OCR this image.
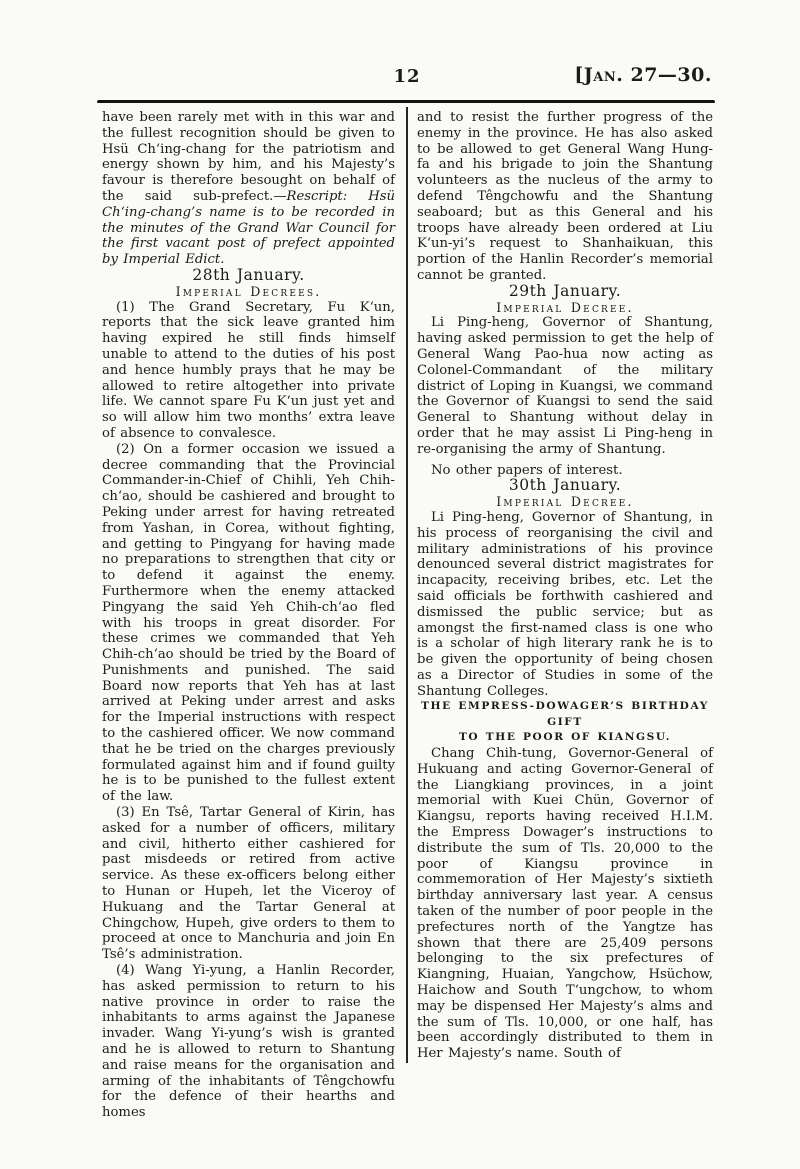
12	[Jan. 27—30.

have been rarely met with in this war and the fullest recognition should be given to Hsü Ch‘ing-chang for the patriotism and energy shown by him, and his Majesty’s favour is therefore besought on behalf of the said sub-prefect.—Rescript: Hsü Ch‘ing-chang’s name is to be recorded in the minutes of the Grand War Council for the first vacant post of prefect appointed by Imperial Edict.

28th January.

Imperial Decrees.

(1) The Grand Secretary, Fu K‘un, reports that the sick leave granted him having expired he still finds himself unable to attend to the duties of his post and hence humbly prays that he may be allowed to retire altogether into private life. We cannot spare Fu K‘un just yet and so will allow him two months’ extra leave of absence to convalesce.

(2) On a former occasion we issued a decree commanding that the Provincial Commander-in-Chief of Chihli, Yeh Chih-ch‘ao, should be cashiered and brought to Peking under arrest for having retreated from Yashan, in Corea, without fighting, and getting to Pingyang for having made no preparations to strengthen that city or to defend it against the enemy. Furthermore when the enemy attacked Pingyang the said Yeh Chih-ch‘ao fled with his troops in great disorder. For these crimes we commanded that Yeh Chih-ch‘ao should be tried by the Board of Punishments and punished. The said Board now reports that Yeh has at last arrived at Peking under arrest and asks for the Imperial instructions with respect to the cashiered officer. We now command that he be tried on the charges previously formulated against him and if found guilty he is to be punished to the fullest extent of the law.

(3) En Tsê, Tartar General of Kirin, has asked for a number of officers, military and civil, hitherto either cashiered for past misdeeds or retired from active service. As these ex-officers belong either to Hunan or Hupeh, let the Viceroy of Hukuang and the Tartar General at Chingchow, Hupeh, give orders to them to proceed at once to Manchuria and join En Tsê’s administration.

(4) Wang Yi-yung, a Hanlin Recorder, has asked permission to return to his native province in order to raise the inhabitants to arms against the Japanese invader. Wang Yi-yung’s wish is granted and he is allowed to return to Shantung and raise means for the organisation and arming of the inhabitants of Têngchowfu for the defence of their hearths and homes

and to resist the further progress of the enemy in the province. He has also asked to be allowed to get General Wang Hung-fa and his brigade to join the Shantung volunteers as the nucleus of the army to defend Têngchowfu and the Shantung seaboard; but as this General and his troops have already been ordered at Liu K‘un-yi’s request to Shanhaikuan, this portion of the Hanlin Recorder’s memorial cannot be granted.

29th January.

Imperial Decree.

Li Ping-heng, Governor of Shantung, having asked permission to get the help of General Wang Pao-hua now acting as Colonel-Commandant of the military district of Loping in Kuangsi, we command the Governor of Kuangsi to send the said General to Shantung without delay in order that he may assist Li Ping-heng in re-organising the army of Shantung.

No other papers of interest.

30th January.

Imperial Decree.

Li Ping-heng, Governor of Shantung, in his process of reorganising the civil and military administrations of his province denounced several district magistrates for incapacity, receiving bribes, etc. Let the said officials be forthwith cashiered and dismissed the public service; but as amongst the first-named class is one who is a scholar of high literary rank he is to be given the opportunity of being chosen as a Director of Studies in some of the Shantung Colleges.

THE EMPRESS-DOWAGER’S BIRTHDAY GIFT
TO THE POOR OF KIANGSU.

Chang Chih-tung, Governor-General of Hukuang and acting Governor-General of the Liangkiang provinces, in a joint memorial with Kuei Chün, Governor of Kiangsu, reports having received H.I.M. the Empress Dowager’s instructions to distribute the sum of Tls. 20,000 to the poor of Kiangsu province in commemoration of Her Majesty’s sixtieth birthday anniversary last year. A census taken of the number of poor people in the prefectures north of the Yangtze has shown that there are 25,409 persons belonging to the six prefectures of Kiangning, Huaian, Yangchow, Hsüchow, Haichow and South T‘ungchow, to whom may be dispensed Her Majesty’s alms and the sum of Tls. 10,000, or one half, has been accordingly distributed to them in Her Majesty’s name. South of
